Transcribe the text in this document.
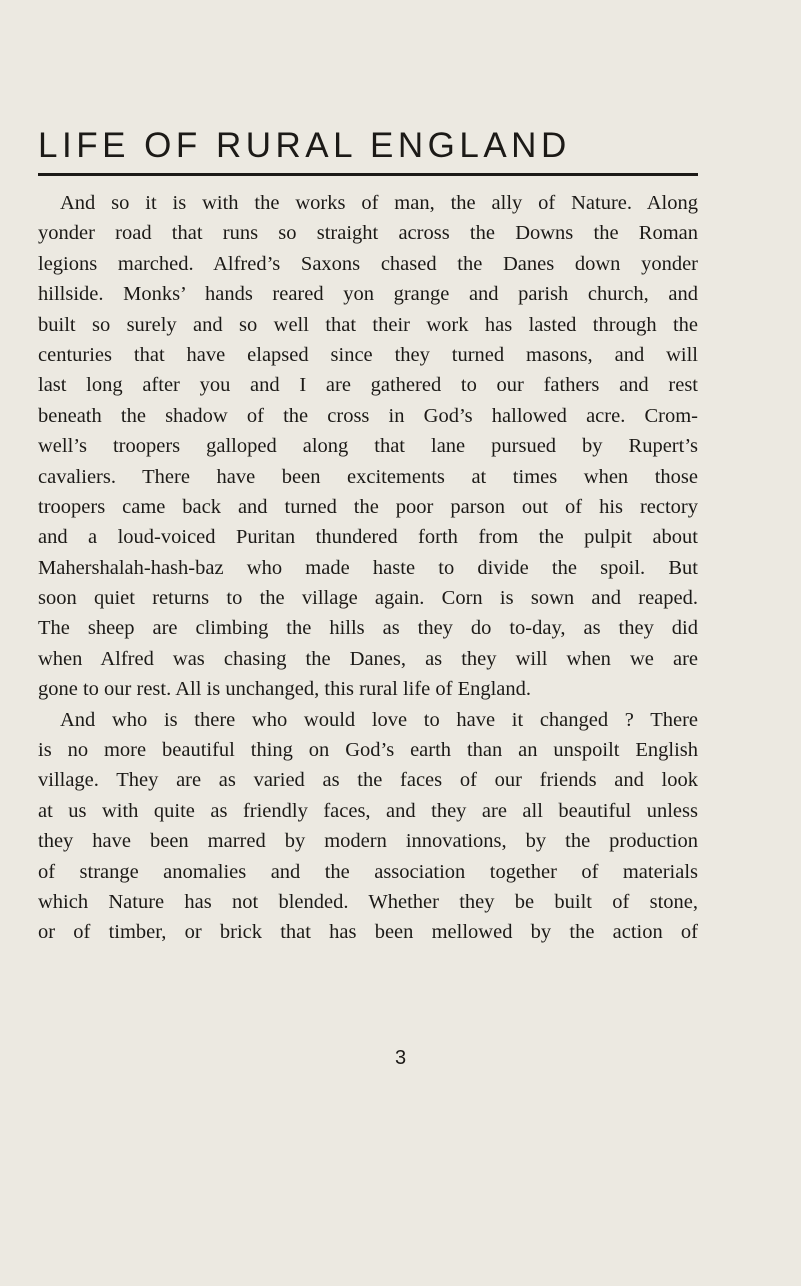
LIFE OF RURAL ENGLAND
And so it is with the works of man, the ally of Nature. Along
yonder road that runs so straight across the Downs the Roman
legions marched. Alfred’s Saxons chased the Danes down yonder
hillside. Monks’ hands reared yon grange and parish church, and
built so surely and so well that their work has lasted through the
centuries that have elapsed since they turned masons, and will
last long after you and I are gathered to our fathers and rest
beneath the shadow of the cross in God’s hallowed acre. Crom-
well’s troopers galloped along that lane pursued by Rupert’s
cavaliers. There have been excitements at times when those
troopers came back and turned the poor parson out of his rectory
and a loud-voiced Puritan thundered forth from the pulpit about
Mahershalah-hash-baz who made haste to divide the spoil. But
soon quiet returns to the village again. Corn is sown and reaped.
The sheep are climbing the hills as they do to-day, as they did
when Alfred was chasing the Danes, as they will when we are
gone to our rest. All is unchanged, this rural life of England.
And who is there who would love to have it changed ? There
is no more beautiful thing on God’s earth than an unspoilt English
village. They are as varied as the faces of our friends and look
at us with quite as friendly faces, and they are all beautiful unless
they have been marred by modern innovations, by the production
of strange anomalies and the association together of materials
which Nature has not blended. Whether they be built of stone,
or of timber, or brick that has been mellowed by the action of
3
